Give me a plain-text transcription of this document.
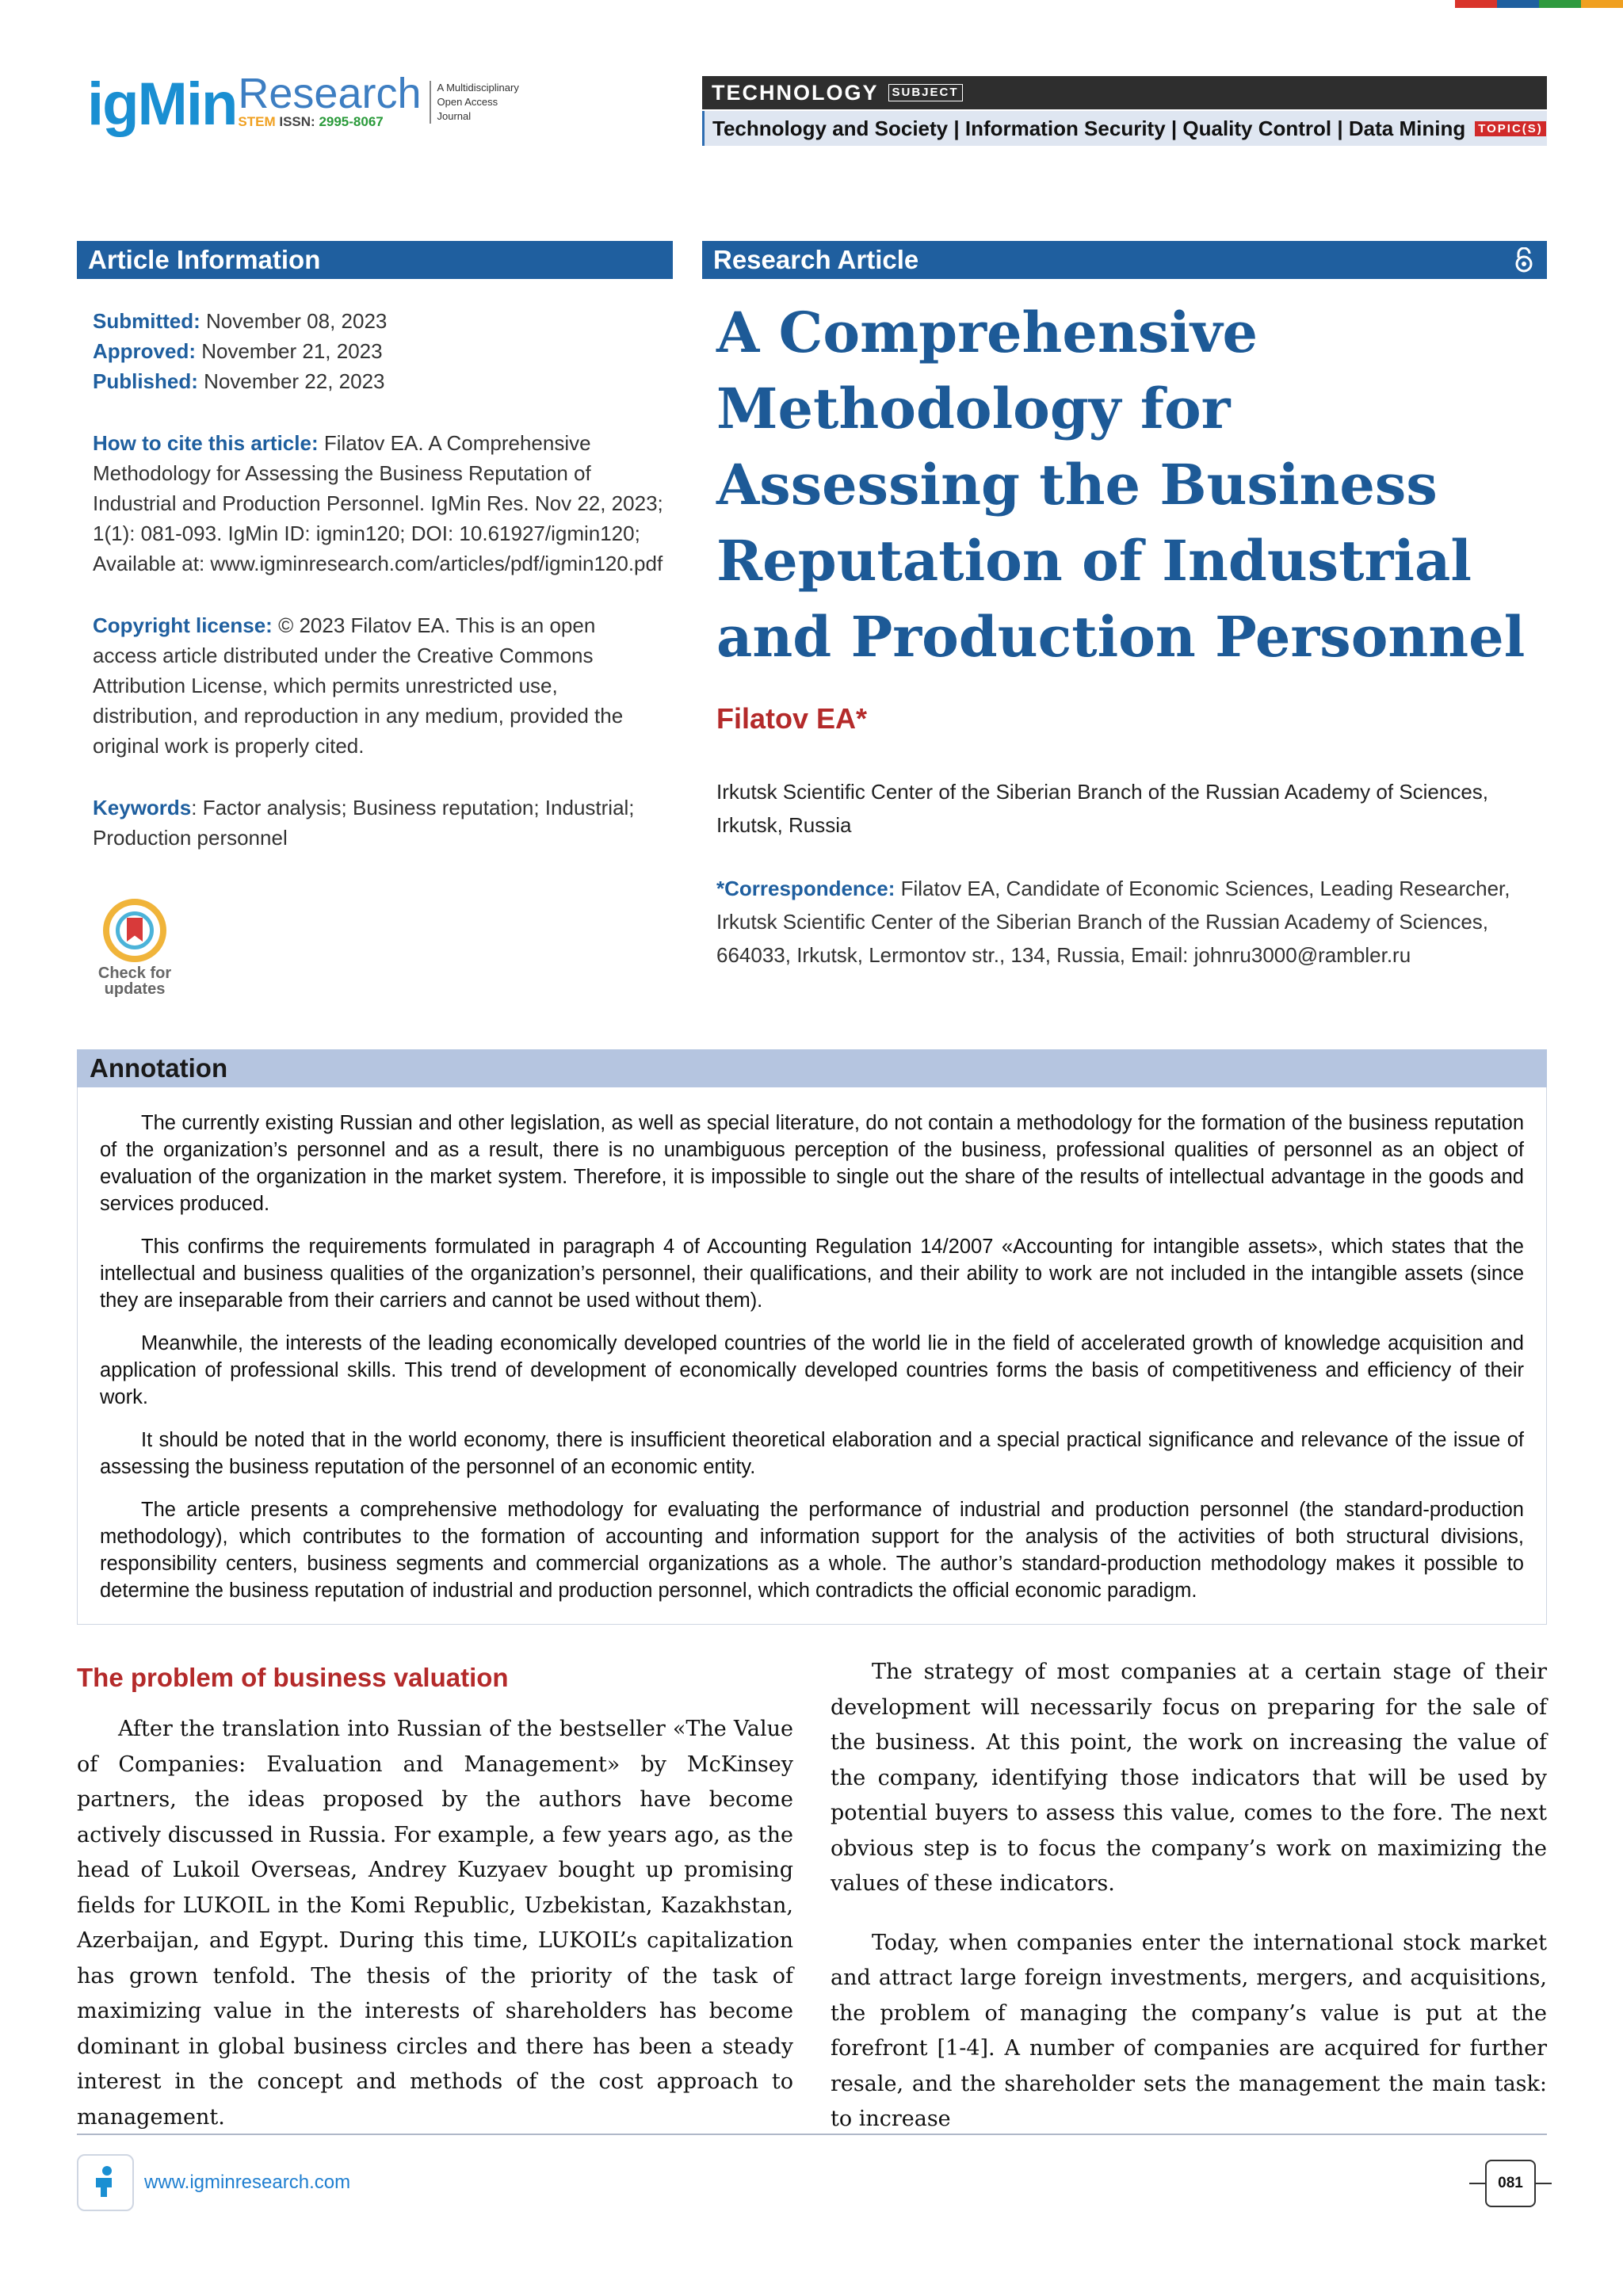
igMin Research
STEM ISSN: 2995-8067
A Multidisciplinary
Open Access
Journal
TECHNOLOGY	SUBJECT
Technology and Society | Information Security | Quality Control | Data Mining TOPIC(S)
Article Information	Research Article

Submitted: November 08, 2023

Approved: November 21, 2023

Published: November 22, 2023

How to cite this article: Filatov EA. A Comprehensive Methodology for Assessing the Business Reputation of Industrial and Production Personnel. IgMin Res. Nov 22, 2023; 1(1): 081-093. IgMin ID: igmin120; DOI: 10.61927/igmin120; Available at: www.igminresearch.com/articles/pdf/igmin120.pdf

Copyright license: © 2023 Filatov EA. This is an open access article distributed under the Creative Commons Attribution License, which permits unrestricted use, distribution, and reproduction in any medium, provided the original work is properly cited.

Keywords: Factor analysis; Business reputation; Industrial; Production personnel

Check for updates
A Comprehensive Methodology for Assessing the Business Reputation of Industrial and Production Personnel
Filatov EA*
Irkutsk Scientific Center of the Siberian Branch of the Russian Academy of Sciences, Irkutsk, Russia
*Correspondence: Filatov EA, Candidate of Economic Sciences, Leading Researcher, Irkutsk Scientific Center of the Siberian Branch of the Russian Academy of Sciences, 664033, Irkutsk, Lermontov str., 134, Russia, Email: johnru3000@rambler.ru
Annotation

The currently existing Russian and other legislation, as well as special literature, do not contain a methodology for the formation of the business reputation of the organization’s personnel and as a result, there is no unambiguous perception of the business, professional qualities of personnel as an object of evaluation of the organization in the market system. Therefore, it is impossible to single out the share of the results of intellectual advantage in the goods and services produced.

This confirms the requirements formulated in paragraph 4 of Accounting Regulation 14/2007 «Accounting for intangible assets», which states that the intellectual and business qualities of the organization’s personnel, their qualifications, and their ability to work are not included in the intangible assets (since they are inseparable from their carriers and cannot be used without them).

Meanwhile, the interests of the leading economically developed countries of the world lie in the field of accelerated growth of knowledge acquisition and application of professional skills. This trend of development of economically developed countries forms the basis of competitiveness and efficiency of their work.

It should be noted that in the world economy, there is insufficient theoretical elaboration and a special practical significance and relevance of the issue of assessing the business reputation of the personnel of an economic entity.

The article presents a comprehensive methodology for evaluating the performance of industrial and production personnel (the standard-production methodology), which contributes to the formation of accounting and information support for the analysis of the activities of both structural divisions, responsibility centers, business segments and commercial organizations as a whole. The author’s standard-production methodology makes it possible to determine the business reputation of industrial and production personnel, which contradicts the official economic paradigm.

The problem of business valuation

After the translation into Russian of the bestseller «The Value of Companies: Evaluation and Management» by McKinsey partners, the ideas proposed by the authors have become actively discussed in Russia. For example, a few years ago, as the head of Lukoil Overseas, Andrey Kuzyaev bought up promising fields for LUKOIL in the Komi Republic, Uzbekistan, Kazakhstan, Azerbaijan, and Egypt. During this time, LUKOIL’s capitalization has grown tenfold. The thesis of the priority of the task of maximizing value in the interests of shareholders has become dominant in global business circles and there has been a steady interest in the concept and methods of the cost approach to management.

The strategy of most companies at a certain stage of their development will necessarily focus on preparing for the sale of the business. At this point, the work on increasing the value of the company, identifying those indicators that will be used by potential buyers to assess this value, comes to the fore. The next obvious step is to focus the company’s work on maximizing the values of these indicators.

Today, when companies enter the international stock market and attract large foreign investments, mergers, and acquisitions, the problem of managing the company’s value is put at the forefront [1-4]. A number of companies are acquired for further resale, and the shareholder sets the management the main task: to increase

www.igminresearch.com	081
